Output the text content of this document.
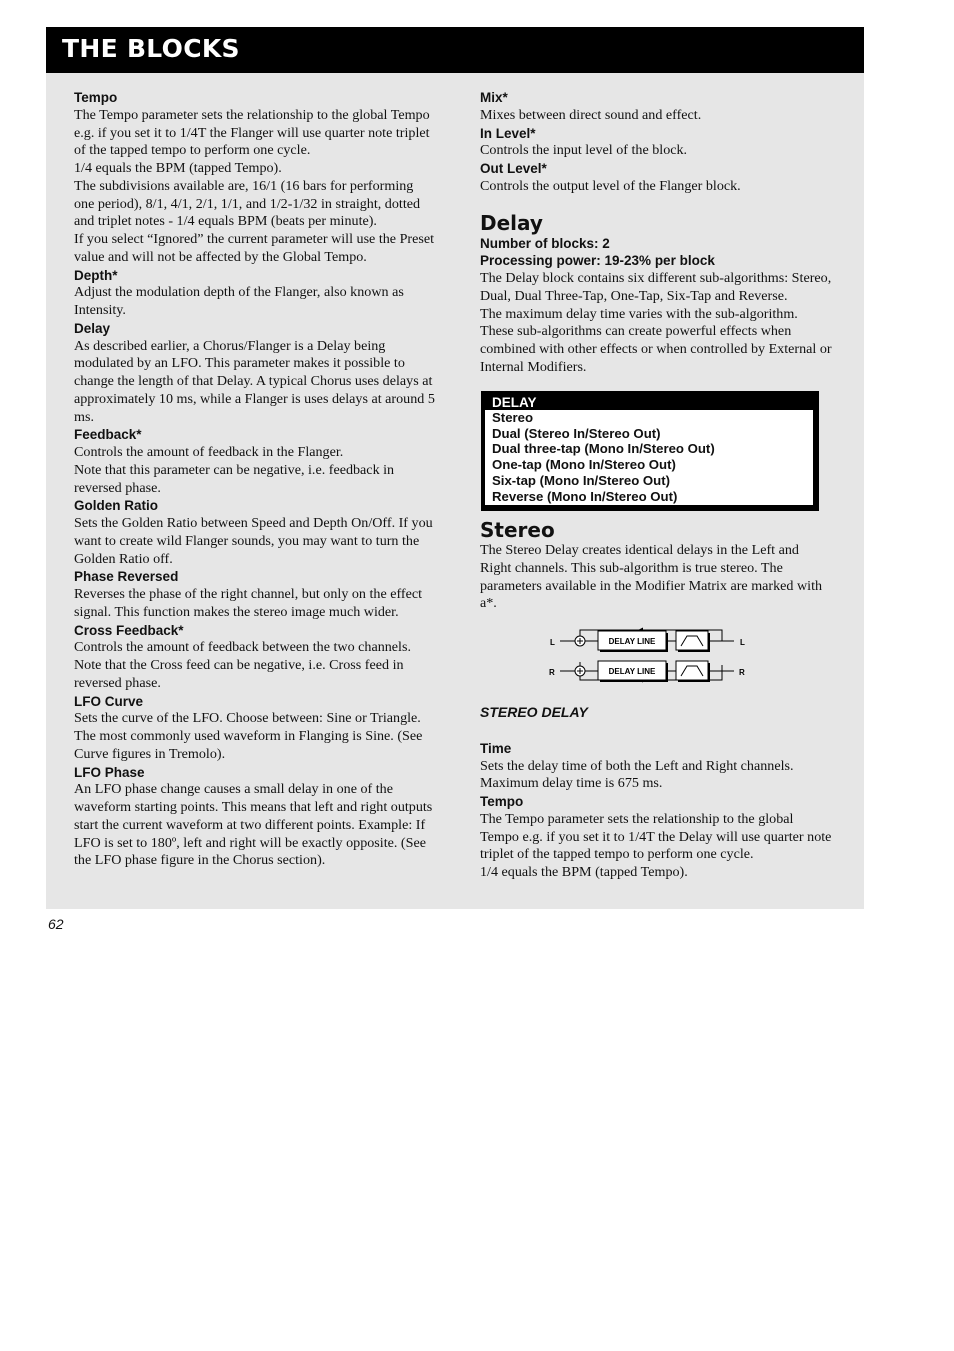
THE BLOCKS
Tempo

The Tempo parameter sets the relationship to the global Tempo e.g. if you set it to 1/4T the Flanger will use quarter note triplet of the tapped tempo to perform one cycle.

1/4 equals the BPM (tapped Tempo).

The subdivisions available are, 16/1 (16 bars for performing one period), 8/1, 4/1, 2/1, 1/1, and 1/2-1/32 in straight, dotted and triplet notes - 1/4 equals BPM (beats per minute).

If you select “Ignored” the current parameter will use the Preset value and will not be affected by the Global Tempo.

Depth*

Adjust the modulation depth of the Flanger, also known as Intensity.

Delay

As described earlier, a Chorus/Flanger is a Delay being modulated by an LFO. This parameter makes it possible to change the length of that Delay. A typical Chorus uses delays at approximately 10 ms, while a Flanger is uses delays at around 5 ms.

Feedback*

Controls the amount of feedback in the Flanger.

Note that this parameter can be negative, i.e. feedback in reversed phase.

Golden Ratio

Sets the Golden Ratio between Speed and Depth On/Off. If you want to create wild Flanger sounds, you may want to turn the Golden Ratio off.

Phase Reversed

Reverses the phase of the right channel, but only on the effect signal. This function makes the stereo image much wider.

Cross Feedback*

Controls the amount of feedback between the two channels. Note that the Cross feed can be negative, i.e. Cross feed in reversed phase.

LFO Curve

Sets the curve of the LFO. Choose between: Sine or Triangle.

The most commonly used waveform in Flanging is Sine. (See Curve figures in Tremolo).

LFO Phase

An LFO phase change causes a small delay in one of the waveform starting points. This means that left and right outputs start the current waveform at two different points. Example: If LFO is set to 180º, left and right will be exactly opposite. (See the LFO phase figure in the Chorus section).

Mix*

Mixes between direct sound and effect.

In Level*

Controls the input level of the block.

Out Level*

Controls the output level of the Flanger block.

Delay
Number of blocks: 2
Processing power: 19-23% per block

The Delay block contains six different sub-algorithms: Stereo, Dual, Dual Three-Tap, One-Tap, Six-Tap and Reverse.

The maximum delay time varies with the sub-algorithm. These sub-algorithms can create powerful effects when combined with other effects or when controlled by External or Internal Modifiers.

DELAY
Stereo
Dual (Stereo In/Stereo Out)
Dual three-tap (Mono In/Stereo Out)
One-tap (Mono In/Stereo Out)
Six-tap (Mono In/Stereo Out)
Reverse (Mono In/Stereo Out)
Stereo

The Stereo Delay creates identical delays in the Left and Right channels. This sub-algorithm is true stereo. The parameters available in the Modifier Matrix are marked with a*.

L	DELAY LINE	L
R	DELAY LINE	R
STEREO DELAY
Time

Sets the delay time of both the Left and Right channels.

Maximum delay time is 675 ms.

Tempo

The Tempo parameter sets the relationship to the global Tempo e.g. if you set it to 1/4T the Delay will use quarter note triplet of the tapped tempo to perform one cycle.

1/4 equals the BPM (tapped Tempo).

62
